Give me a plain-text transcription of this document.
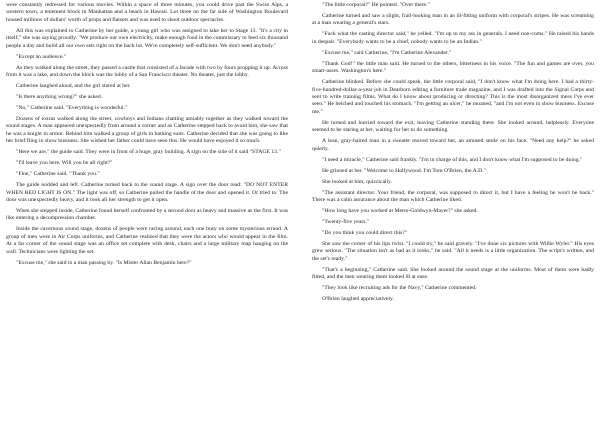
were constantly redressed for various movies. Within a space of three minutes, you could drive past the Swiss Alps, a western town, a tenement block in Manhattan and a beach in Hawaii. Lot three on the far side of Washington Boulevard housed millions of dollars' worth of props and flatsets and was used to shoot outdoor spectacles.

All this was explained to Catherine by her guide, a young girl who was assigned to take her to Stage 13. "It's a city in itself," she was saying proudly. "We produce our own electricity, make enough food in the commissary to feed six thousand people a day and build all our own sets right on the back lot. We're completely self-sufficient. We don't need anybody."

"Except an audience."

As they walked along the street, they passed a castle that consisted of a facade with two by fours propping it up. Across from it was a lake, and down the block was the lobby of a San Francisco theater. No theater, just the lobby.

Catherine laughed aloud, and the girl stared at her.

"Is there anything wrong?" she asked.

"No," Catherine said. "Everything is wonderful."

Dozens of extras walked along the street, cowboys and Indians chatting amiably together as they walked toward the sound stages. A man appeared unexpectedly from around a corner and as Catherine stepped back to avoid him, she saw that he was a knight in armor. Behind him walked a group of girls in bathing suits. Catherine decided that she was going to like her brief fling in show business. She wished her father could have seen this. He would have enjoyed it so much.

"Here we are," the guide said. They were in front of a huge, gray building. A sign on the side of it said "STAGE 13."

"I'll leave you here. Will you be all right?"

"Fine," Catherine said. "Thank you."

The guide nodded and left. Catherine turned back to the sound stage. A sign over the door read: "DO NOT ENTER WHEN RED LIGHT IS ON." The light was off, so Catherine pulled the handle of the door and opened it. Or tried to. The door was unexpectedly heavy, and it took all her strength to get it open.

When she stepped inside, Catherine found herself confronted by a second door as heavy and massive as the first. It was like entering a decompression chamber.

Inside the cavernous sound stage, dozens of people were racing around, each one busy on some mysterious errand. A group of men were in Air Corps uniforms, and Catherine realized that they were the actors who would appear in the film. At a far corner of the sound stage was an office set complete with desk, chairs and a large military map hanging on the wall. Technicians were lighting the set.

"Excuse me," she said to a man passing by. "Is Mister Allan Benjamin here?"

"The little corporal?" He pointed. "Over there."

Catherine turned and saw a slight, frail-looking man in an ill-fitting uniform with corporal's stripes. He was screaming at a man wearing a general's stars.

"Fuck what the casting director said," he yelled. "I'm up to my ass in generals. I need non-coms." He raised his hands in despair. "Everybody wants to be a chief, nobody wants to be an Indian."

"Excuse me," said Catherine, "I'm Catherine Alexander."

"Thank God!" the little man said. He turned to the others, bitterness in his voice. "The fun and games are over, you smart-asses. Washington's here."

Catherine blinked. Before she could speak, the little corporal said, "I don't know what I'm doing here. I had a thirty-five-hundred-dollar-a-year job in Dearborn editing a furniture trade magazine, and I was drafted into the Signal Corps and sent to write training films. What do I know about producing or directing? This is the most disorganized mess I've ever seen." He belched and touched his stomach. "I'm getting an ulcer," he moaned, "and I'm not even in show business. Excuse me."

He turned and hurried toward the exit, leaving Catherine standing there. She looked around, helplessly. Everyone seemed to be staring at her, waiting for her to do something.

A lean, gray-haired man in a sweater moved toward her, an amused smile on his face. "Need any help?" he asked quietly.

"I need a miracle," Catherine said frankly. "I'm in charge of this, and I don't know what I'm supposed to be doing."

He grinned at her. "Welcome to Hollywood. I'm Tom O'Brien, the A.D."

She looked at him, quizzically.

"The assistant director. Your friend, the corporal, was supposed to direct it, but I have a feeling he won't be back." There was a calm assurance about the man which Catherine liked.

"How long have you worked at Metro-Goldwyn-Mayer?" she asked.

"Twenty-five years."

"Do you think you could direct this?"

She saw the corner of his lips twist. "I could try," he said gravely. "I've done six pictures with Willie Wyler." His eyes grew serious. "The situation isn't as bad as it looks," he said. "All it needs is a little organization. The script's written, and the set's ready."

"That's a beginning," Catherine said. She looked around the sound stage at the uniforms. Most of them were badly fitted, and the men wearing them looked ill at ease.

"They look like recruiting ads for the Navy," Catherine commented.

O'Brien laughed appreciatively.
